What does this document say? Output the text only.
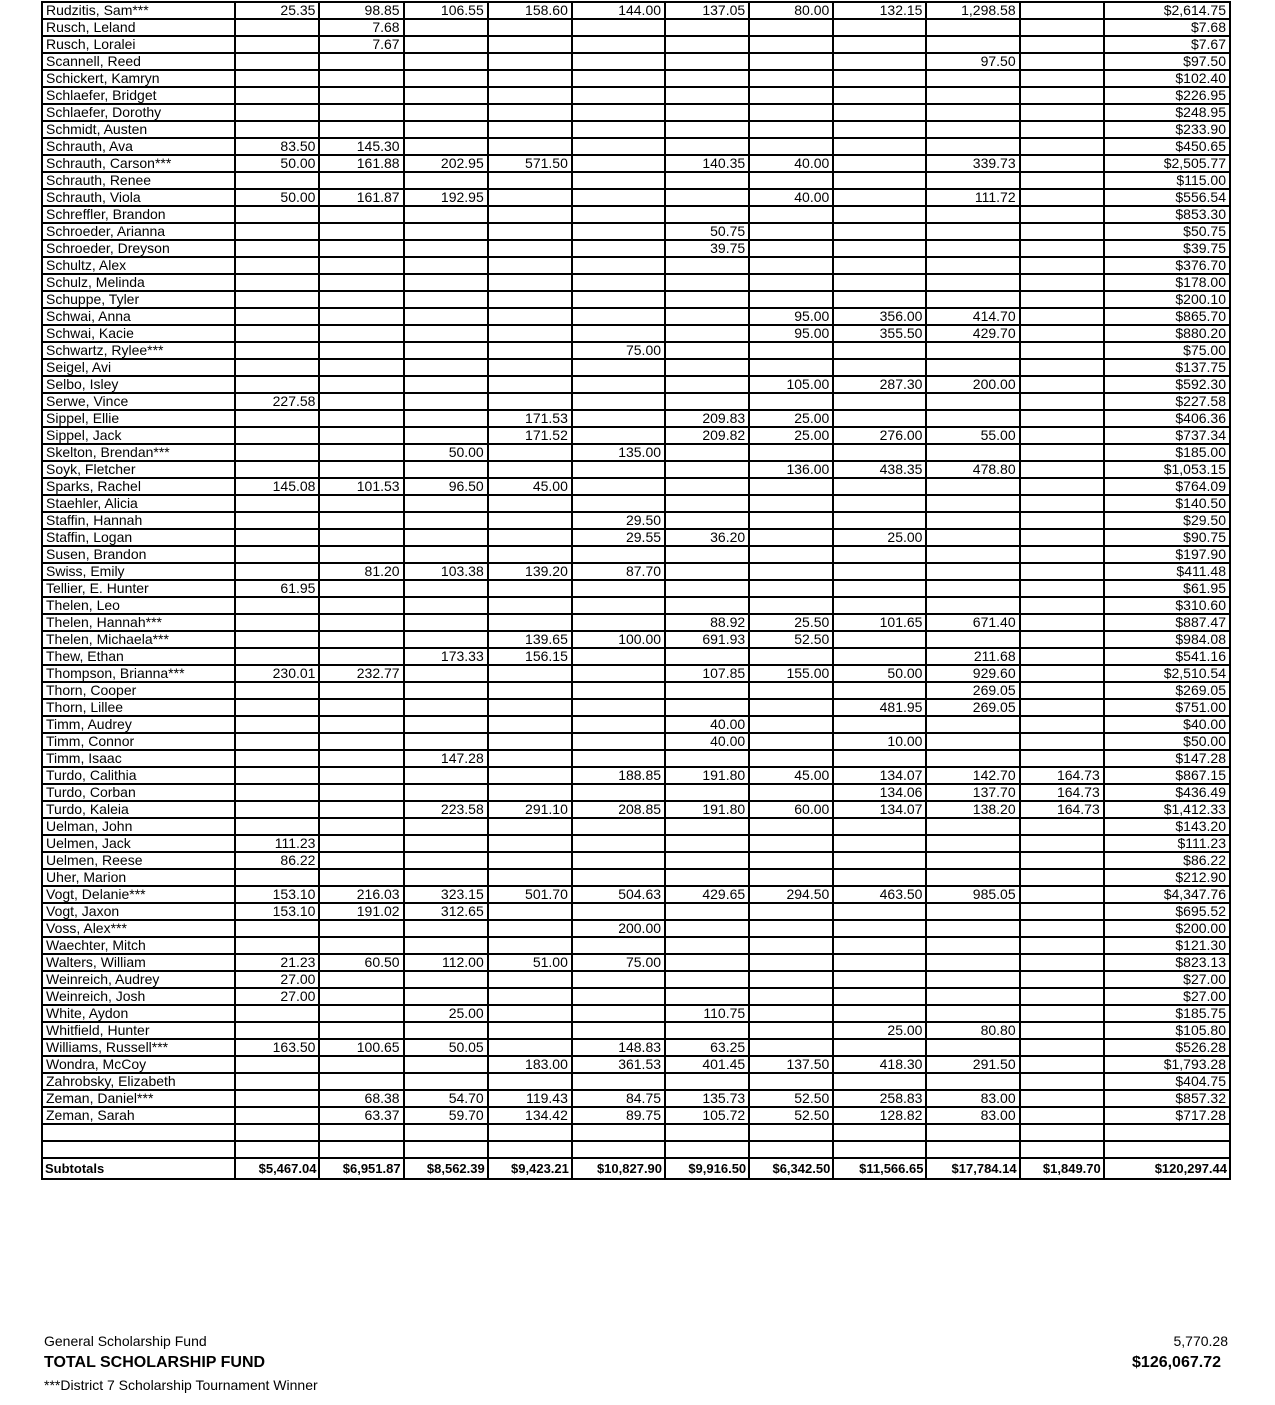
Rudzitis, Sam***	25.35	98.85	106.55	158.60	144.00	137.05	80.00	132.15	1,298.58		$2,614.75
Rusch, Leland		7.68									$7.68
Rusch, Loralei		7.67									$7.67
Scannell, Reed									97.50		$97.50
Schickert, Kamryn											$102.40
Schlaefer, Bridget											$226.95
Schlaefer, Dorothy											$248.95
Schmidt, Austen											$233.90
Schrauth, Ava	83.50	145.30									$450.65
Schrauth, Carson***	50.00	161.88	202.95	571.50		140.35	40.00		339.73		$2,505.77
Schrauth, Renee											$115.00
Schrauth, Viola	50.00	161.87	192.95				40.00		111.72		$556.54
Schreffler, Brandon											$853.30
Schroeder, Arianna						50.75					$50.75
Schroeder, Dreyson						39.75					$39.75
Schultz, Alex											$376.70
Schulz, Melinda											$178.00
Schuppe, Tyler											$200.10
Schwai, Anna							95.00	356.00	414.70		$865.70
Schwai, Kacie							95.00	355.50	429.70		$880.20
Schwartz, Rylee***					75.00						$75.00
Seigel, Avi											$137.75
Selbo, Isley							105.00	287.30	200.00		$592.30
Serwe, Vince	227.58										$227.58
Sippel, Ellie				171.53		209.83	25.00				$406.36
Sippel, Jack				171.52		209.82	25.00	276.00	55.00		$737.34
Skelton, Brendan***			50.00		135.00						$185.00
Soyk, Fletcher							136.00	438.35	478.80		$1,053.15
Sparks, Rachel	145.08	101.53	96.50	45.00							$764.09
Staehler, Alicia											$140.50
Staffin, Hannah					29.50						$29.50
Staffin, Logan					29.55	36.20		25.00			$90.75
Susen, Brandon											$197.90
Swiss, Emily		81.20	103.38	139.20	87.70						$411.48
Tellier, E. Hunter	61.95										$61.95
Thelen, Leo											$310.60
Thelen, Hannah***						88.92	25.50	101.65	671.40		$887.47
Thelen, Michaela***				139.65	100.00	691.93	52.50				$984.08
Thew, Ethan			173.33	156.15					211.68		$541.16
Thompson, Brianna***	230.01	232.77				107.85	155.00	50.00	929.60		$2,510.54
Thorn, Cooper									269.05		$269.05
Thorn, Lillee								481.95	269.05		$751.00
Timm, Audrey						40.00					$40.00
Timm, Connor						40.00		10.00			$50.00
Timm, Isaac			147.28								$147.28
Turdo, Calithia					188.85	191.80	45.00	134.07	142.70	164.73	$867.15
Turdo, Corban								134.06	137.70	164.73	$436.49
Turdo, Kaleia			223.58	291.10	208.85	191.80	60.00	134.07	138.20	164.73	$1,412.33
Uelman, John											$143.20
Uelmen, Jack	111.23										$111.23
Uelmen, Reese	86.22										$86.22
Uher, Marion											$212.90
Vogt, Delanie***	153.10	216.03	323.15	501.70	504.63	429.65	294.50	463.50	985.05		$4,347.76
Vogt, Jaxon	153.10	191.02	312.65								$695.52
Voss, Alex***					200.00						$200.00
Waechter, Mitch											$121.30
Walters, William	21.23	60.50	112.00	51.00	75.00						$823.13
Weinreich, Audrey	27.00										$27.00
Weinreich, Josh	27.00										$27.00
White, Aydon			25.00			110.75					$185.75
Whitfield, Hunter								25.00	80.80		$105.80
Williams, Russell***	163.50	100.65	50.05		148.83	63.25					$526.28
Wondra, McCoy				183.00	361.53	401.45	137.50	418.30	291.50		$1,793.28
Zahrobsky, Elizabeth											$404.75
Zeman, Daniel***		68.38	54.70	119.43	84.75	135.73	52.50	258.83	83.00		$857.32
Zeman, Sarah		63.37	59.70	134.42	89.75	105.72	52.50	128.82	83.00		$717.28

Subtotals	$5,467.04	$6,951.87	$8,562.39	$9,423.21	$10,827.90	$9,916.50	$6,342.50	$11,566.65	$17,784.14	$1,849.70	$120,297.44
General Scholarship Fund	5,770.28
TOTAL SCHOLARSHIP FUND	$126,067.72
***District 7 Scholarship Tournament Winner
